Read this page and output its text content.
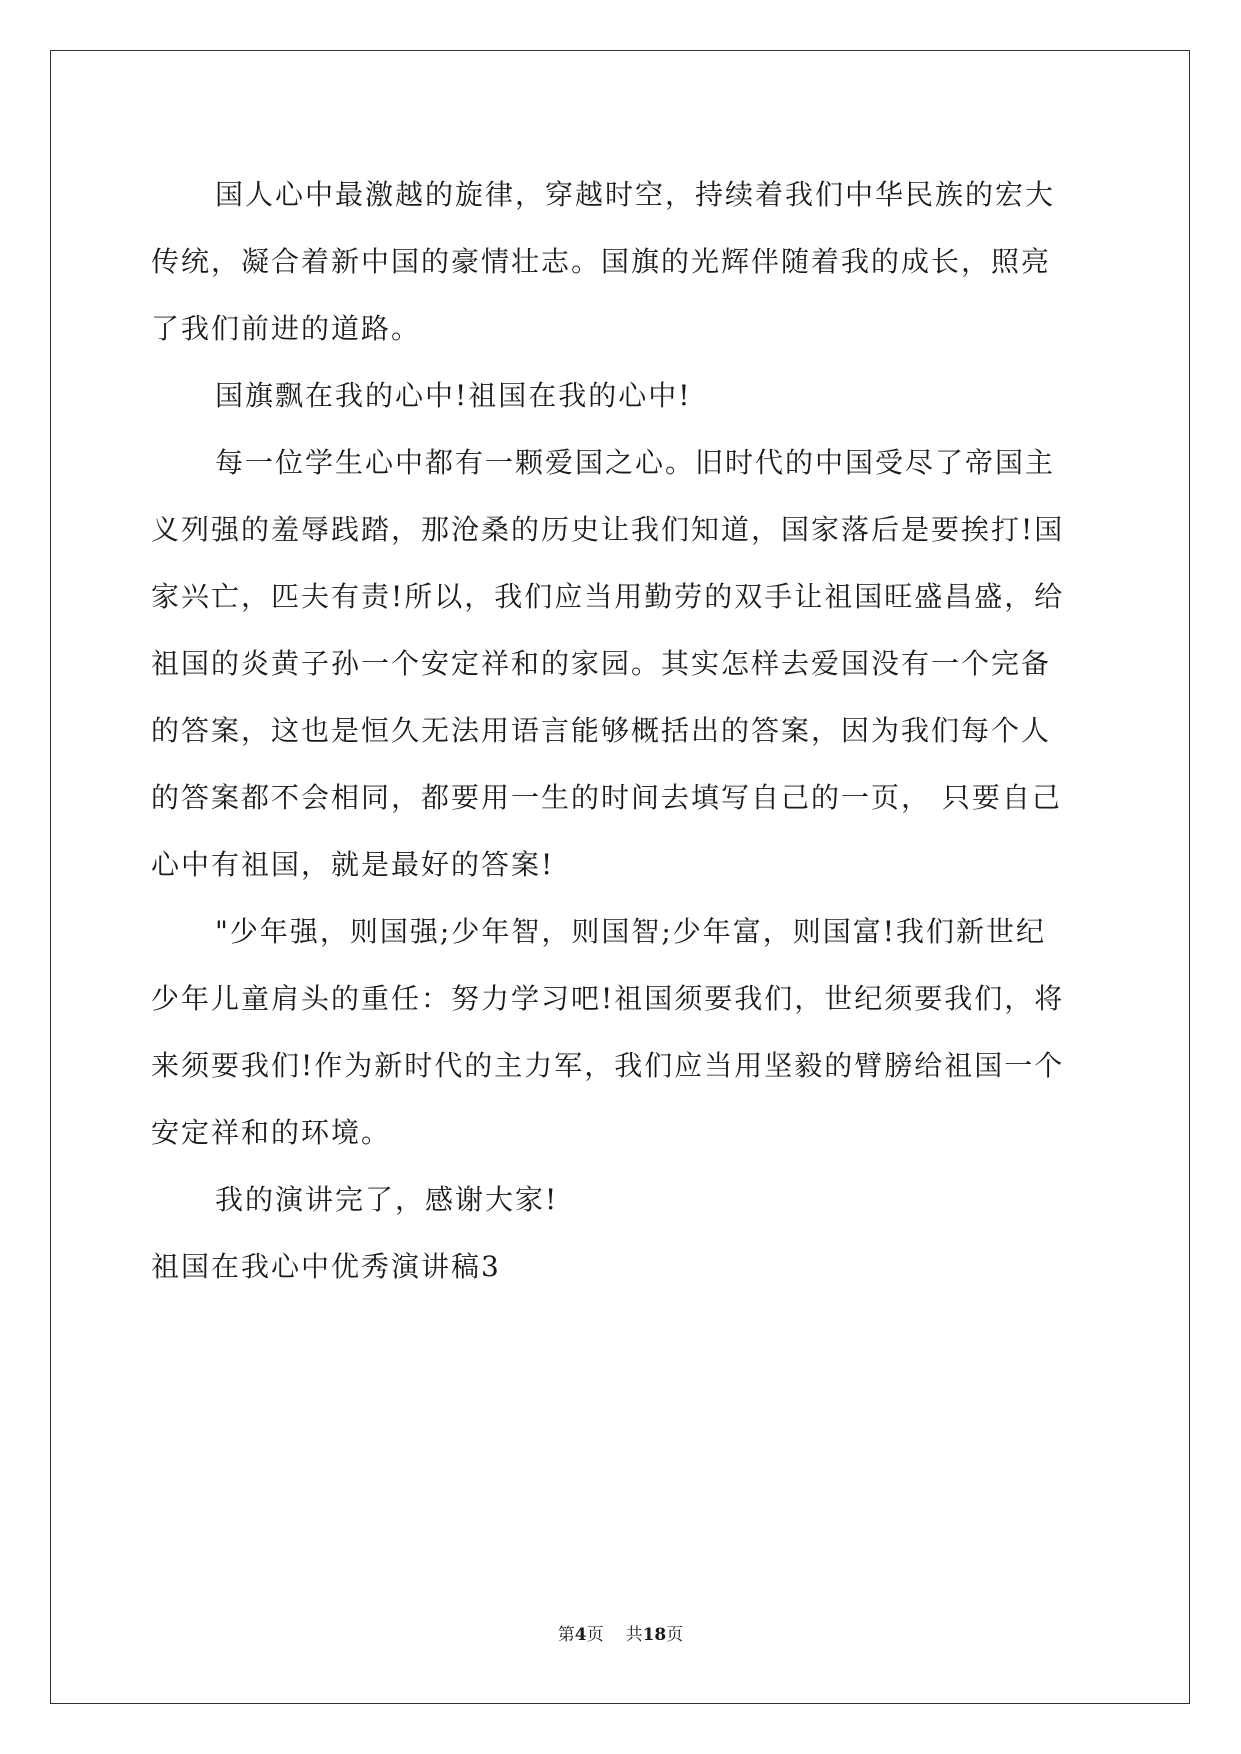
国人心中最激越的旋律，穿越时空，持续着我们中华民族的宏大
传统，凝合着新中国的豪情壮志。国旗的光辉伴随着我的成长，照亮
了我们前进的道路。
国旗飘在我的心中!祖国在我的心中!
每一位学生心中都有一颗爱国之心。旧时代的中国受尽了帝国主
义列强的羞辱践踏，那沧桑的历史让我们知道，国家落后是要挨打!国
家兴亡，匹夫有责!所以，我们应当用勤劳的双手让祖国旺盛昌盛，给
祖国的炎黄子孙一个安定祥和的家园。其实怎样去爱国没有一个完备
的答案，这也是恒久无法用语言能够概括出的答案，因为我们每个人
的答案都不会相同，都要用一生的时间去填写自己的一页， 只要自己
心中有祖国，就是最好的答案!
"少年强，则国强;少年智，则国智;少年富，则国富!我们新世纪
少年儿童肩头的重任：努力学习吧!祖国须要我们，世纪须要我们，将
来须要我们!作为新时代的主力军，我们应当用坚毅的臂膀给祖国一个
安定祥和的环境。
我的演讲完了，感谢大家!
祖国在我心中优秀演讲稿3
第4页 共18页
